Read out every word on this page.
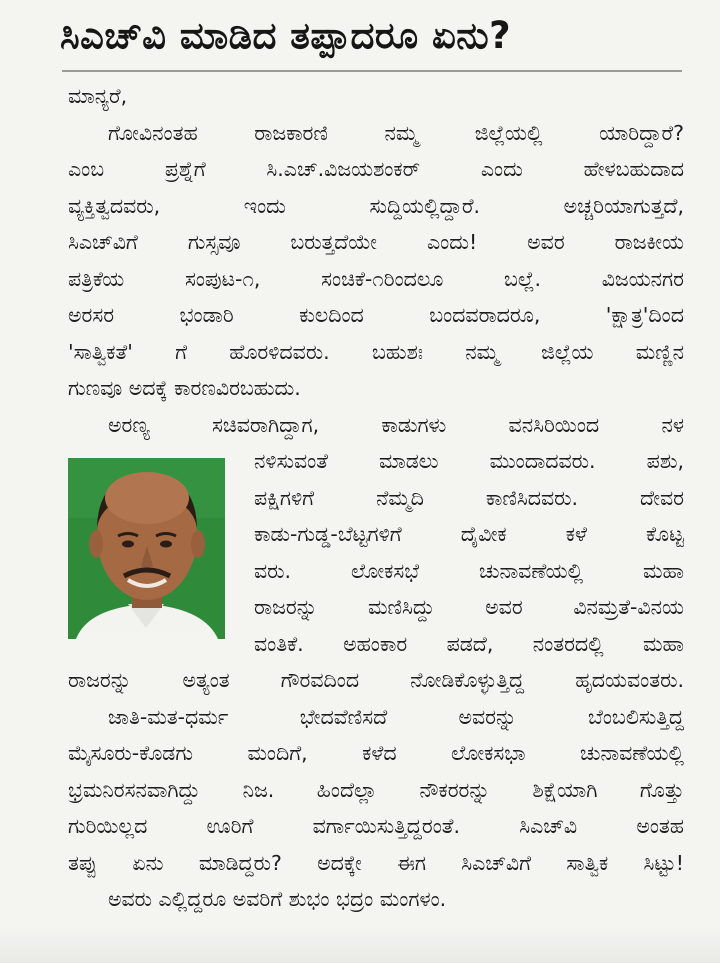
ಸಿಎಚ್‌ವಿ ಮಾಡಿದ ತಪ್ಪಾದರೂ ಏನು?
ಮಾನ್ಯರೆ,
ಗೋವಿನಂತಹ ರಾಜಕಾರಣಿ ನಮ್ಮ ಜಿಲ್ಲೆಯಲ್ಲಿ ಯಾರಿದ್ದಾರೆ?
ಎಂಬ ಪ್ರಶ್ನೆಗೆ ಸಿ.ಎಚ್.ವಿಜಯಶಂಕರ್ ಎಂದು ಹೇಳಬಹುದಾದ
ವ್ಯಕ್ತಿತ್ವದವರು, ಇಂದು ಸುದ್ದಿಯಲ್ಲಿದ್ದಾರೆ. ಅಚ್ಚರಿಯಾಗುತ್ತದೆ,
ಸಿಎಚ್‌ವಿಗೆ ಗುಸ್ಸವೂ ಬರುತ್ತದೆಯೇ ಎಂದು! ಅವರ ರಾಜಕೀಯ
ಪತ್ರಿಕೆಯ ಸಂಪುಟ-೧, ಸಂಚಿಕೆ-೧ರಿಂದಲೂ ಬಲ್ಲೆ. ವಿಜಯನಗರ
ಅರಸರ ಭಂಡಾರಿ ಕುಲದಿಂದ ಬಂದವರಾದರೂ, 'ಕ್ಷಾತ್ರ'ದಿಂದ
'ಸಾತ್ವಿಕತೆ' ಗೆ ಹೊರಳಿದವರು. ಬಹುಶಃ ನಮ್ಮ ಜಿಲ್ಲೆಯ ಮಣ್ಣಿನ
ಗುಣವೂ ಅದಕ್ಕೆ ಕಾರಣವಿರಬಹುದು.
ಅರಣ್ಯ ಸಚಿವರಾಗಿದ್ದಾಗ, ಕಾಡುಗಳು ವನಸಿರಿಯಿಂದ ನಳ
ನಳಿಸುವಂತೆ ಮಾಡಲು ಮುಂದಾದವರು. ಪಶು,
ಪಕ್ಷಿಗಳಿಗೆ ನೆಮ್ಮದಿ ಕಾಣಿಸಿದವರು. ದೇವರ
ಕಾಡು-ಗುಡ್ಡ-ಬೆಟ್ಟಗಳಿಗೆ ದೈವೀಕ ಕಳೆ ಕೊಟ್ಟ
ವರು. ಲೋಕಸಭೆ ಚುನಾವಣೆಯಲ್ಲಿ ಮಹಾ
ರಾಜರನ್ನು ಮಣಿಸಿದ್ದು ಅವರ ವಿನಮ್ರತೆ-ವಿನಯ
ವಂತಿಕೆ. ಅಹಂಕಾರ ಪಡದೆ, ನಂತರದಲ್ಲಿ ಮಹಾ
ರಾಜರನ್ನು ಅತ್ಯಂತ ಗೌರವದಿಂದ ನೋಡಿಕೊಳ್ಳುತ್ತಿದ್ದ ಹೃದಯವಂತರು.
ಜಾತಿ-ಮತ-ಧರ್ಮ ಭೇದವೆಣಿಸದೆ ಅವರನ್ನು ಬೆಂಬಲಿಸುತ್ತಿದ್ದ
ಮೈಸೂರು-ಕೊಡಗು ಮಂದಿಗೆ, ಕಳೆದ ಲೋಕಸಭಾ ಚುನಾವಣೆಯಲ್ಲಿ
ಭ್ರಮನಿರಸನವಾಗಿದ್ದು ನಿಜ. ಹಿಂದೆಲ್ಲಾ ನೌಕರರನ್ನು ಶಿಕ್ಷೆಯಾಗಿ ಗೊತ್ತು
ಗುರಿಯಿಲ್ಲದ ಊರಿಗೆ ವರ್ಗಾಯಿಸುತ್ತಿದ್ದರಂತೆ. ಸಿಎಚ್‌ವಿ ಅಂತಹ
ತಪ್ಪು ಏನು ಮಾಡಿದ್ದರು? ಅದಕ್ಕೇ ಈಗ ಸಿಎಚ್‌ವಿಗೆ ಸಾತ್ವಿಕ ಸಿಟ್ಟು!
ಅವರು ಎಲ್ಲಿದ್ದರೂ ಅವರಿಗೆ ಶುಭಂ ಭದ್ರಂ ಮಂಗಳಂ.
